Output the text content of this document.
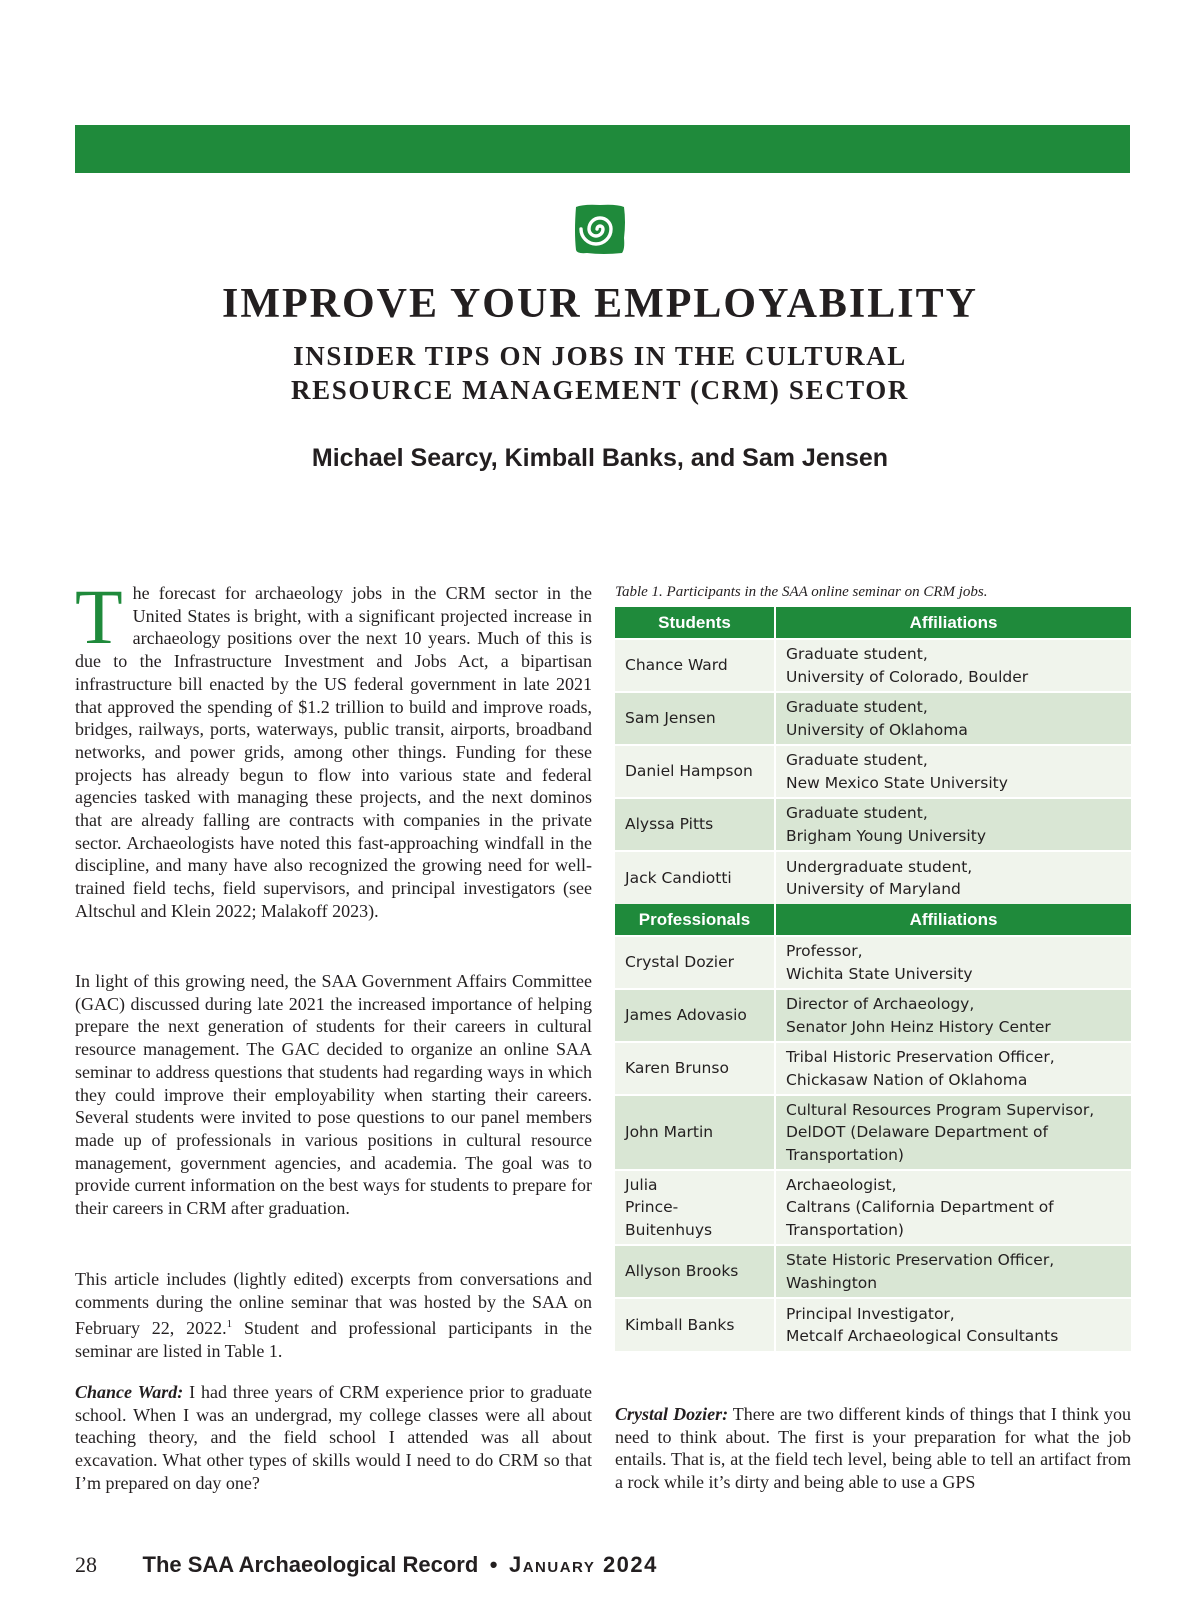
IMPROVE YOUR EMPLOYABILITY
INSIDER TIPS ON JOBS IN THE CULTURAL
RESOURCE MANAGEMENT (CRM) SECTOR
Michael Searcy, Kimball Banks, and Sam Jensen
The forecast for archaeology jobs in the CRM sector in the United States is bright, with a significant projected increase in archaeology positions over the next 10 years. Much of this is due to the Infrastructure Investment and Jobs Act, a bipartisan infrastructure bill enacted by the US federal government in late 2021 that approved the spending of $1.2 trillion to build and improve roads, bridges, railways, ports, waterways, public transit, airports, broadband networks, and power grids, among other things. Funding for these projects has already begun to flow into various state and federal agencies tasked with managing these projects, and the next dominos that are already falling are contracts with companies in the private sector. Archaeologists have noted this fast-approaching windfall in the discipline, and many have also recognized the growing need for well-trained field techs, field supervisors, and principal investigators (see Altschul and Klein 2022; Malakoff 2023).

In light of this growing need, the SAA Government Affairs Committee (GAC) discussed during late 2021 the increased importance of helping prepare the next generation of students for their careers in cultural resource management. The GAC decided to organize an online SAA seminar to address questions that students had regarding ways in which they could improve their employability when starting their careers. Several students were invited to pose questions to our panel members made up of professionals in various positions in cultural resource management, government agencies, and academia. The goal was to provide current information on the best ways for students to prepare for their careers in CRM after graduation.

This article includes (lightly edited) excerpts from conversations and comments during the online seminar that was hosted by the SAA on February 22, 2022.$^1$ Student and professional participants in the seminar are listed in Table 1.

Chance Ward: I had three years of CRM experience prior to graduate school. When I was an undergrad, my college classes were all about teaching theory, and the field school I attended was all about excavation. What other types of skills would I need to do CRM so that I’m prepared on day one?

Table 1. Participants in the SAA online seminar on CRM jobs.

Students	Affiliations
Chance Ward	Graduate student,
University of Colorado, Boulder
Sam Jensen	Graduate student,
University of Oklahoma
Daniel Hampson	Graduate student,
New Mexico State University
Alyssa Pitts	Graduate student,
Brigham Young University
Jack Candiotti	Undergraduate student,
University of Maryland
Professionals	Affiliations
Crystal Dozier	Professor,
Wichita State University
James Adovasio	Director of Archaeology,
Senator John Heinz History Center
Karen Brunso	Tribal Historic Preservation Officer,
Chickasaw Nation of Oklahoma
John Martin	Cultural Resources Program Supervisor,
DelDOT (Delaware Department of
Transportation)
Julia
Prince-Buitenhuys	Archaeologist,
Caltrans (California Department of
Transportation)
Allyson Brooks	State Historic Preservation Officer,
Washington
Kimball Banks	Principal Investigator,
Metcalf Archaeological Consultants

Crystal Dozier: There are two different kinds of things that I think you need to think about. The first is your preparation for what the job entails. That is, at the field tech level, being able to tell an artifact from a rock while it’s dirty and being able to use a GPS

28 The SAA Archaeological Record • January 2024
